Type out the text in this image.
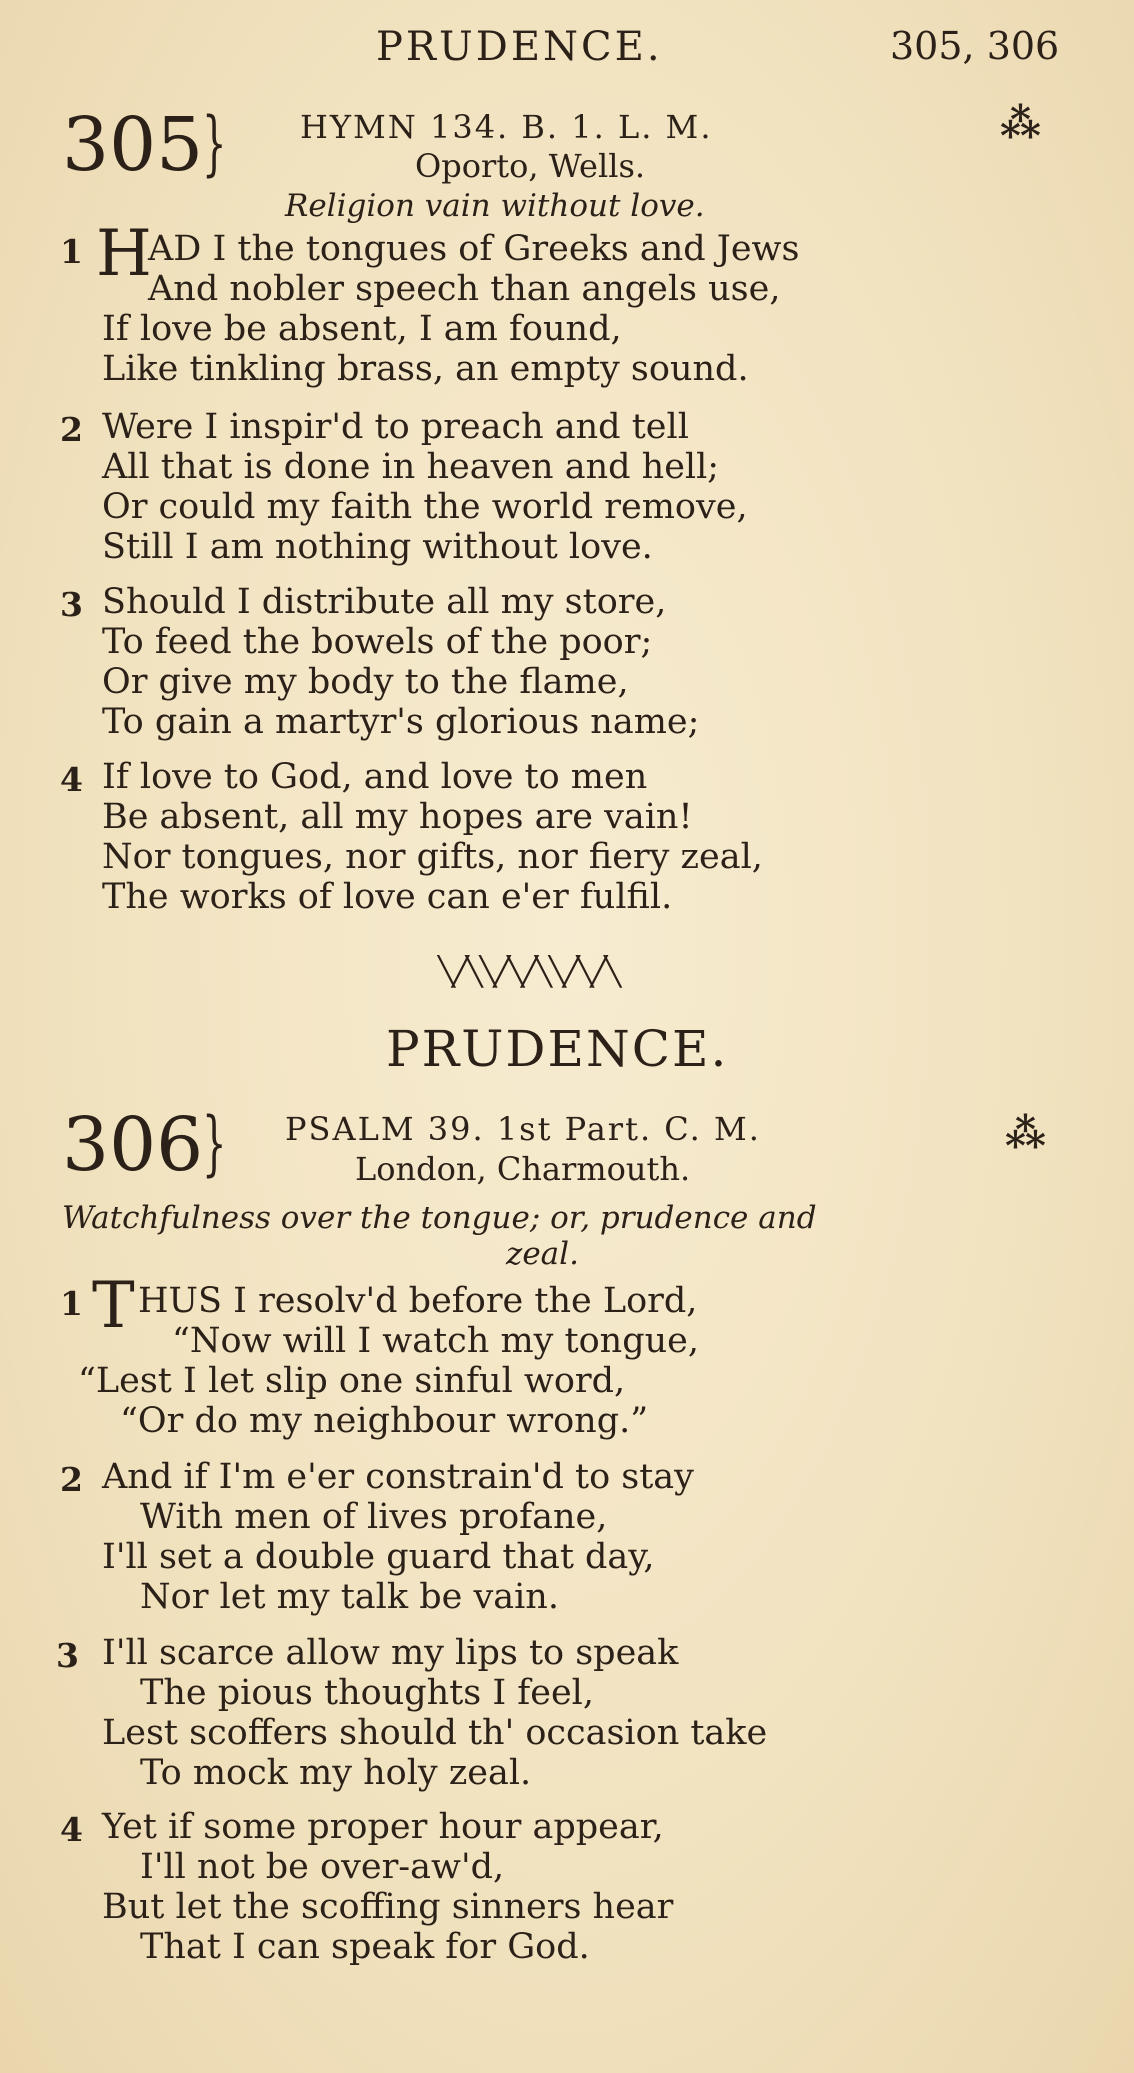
PRUDENCE.	305, 306
305
} HYMN 134. B. 1. L. M.
Oporto, Wells.
Religion vain without love.
⁂
1 H
AD I the tongues of Greeks and Jews
And nobler speech than angels use,
If love be absent, I am found,
Like tinkling brass, an empty sound.
2 Were I inspir'd to preach and tell
All that is done in heaven and hell;
Or could my faith the world remove,
Still I am nothing without love.
3 Should I distribute all my store,
To feed the bowels of the poor;
Or give my body to the flame,
To gain a martyr's glorious name;
4 If love to God, and love to men
Be absent, all my hopes are vain!
Nor tongues, nor gifts, nor fiery zeal,
The works of love can e'er fulfil.
╲╱╲╲╱╲╱╲╲╱╲╱╲
PRUDENCE.
306
} PSALM 39. 1st Part. C. M.
London, Charmouth.
⁂
Watchfulness over the tongue; or, prudence and
zeal.
1 T HUS I resolv'd before the Lord,
“Now will I watch my tongue,
“Lest I let slip one sinful word,
“Or do my neighbour wrong.”
2 And if I'm e'er constrain'd to stay
With men of lives profane,
I'll set a double guard that day,
Nor let my talk be vain.
3 I'll scarce allow my lips to speak
The pious thoughts I feel,
Lest scoffers should th' occasion take
To mock my holy zeal.
4 Yet if some proper hour appear,
I'll not be over-aw'd,
But let the scoffing sinners hear
That I can speak for God.
